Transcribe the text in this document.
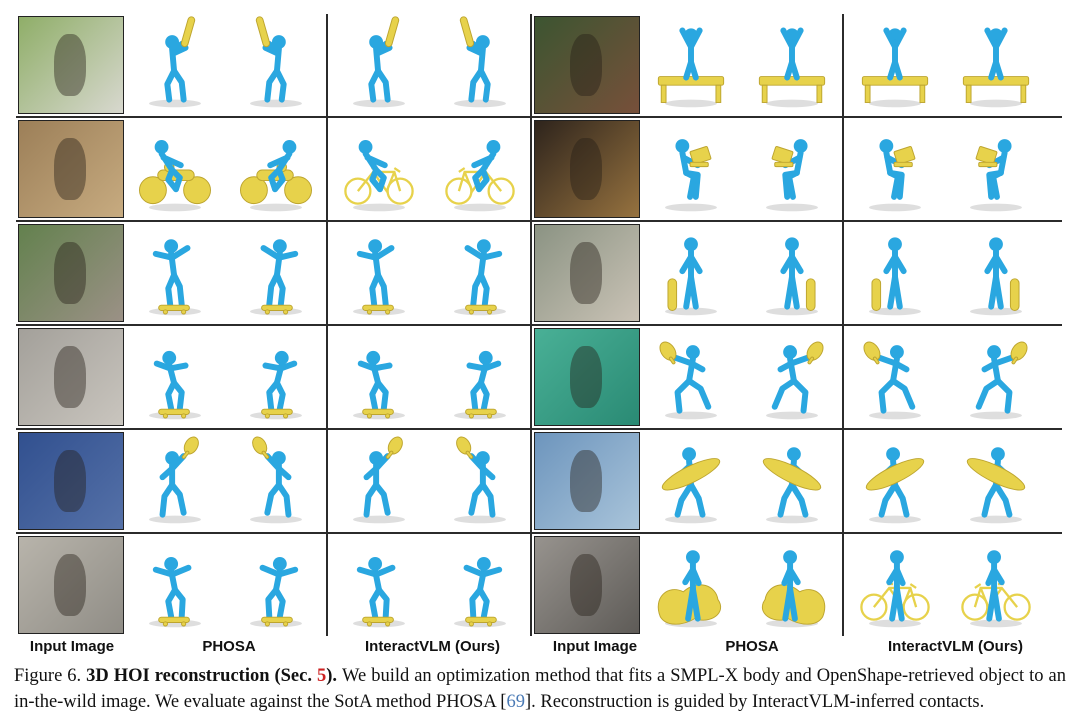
Input Image	PHOSA	InteractVLM (Ours)	Input Image	PHOSA	InteractVLM (Ours)

Figure 6. 3D HOI reconstruction (Sec. 5). We build an optimization method that fits a SMPL-X body and OpenShape-retrieved object to an in-the-wild image. We evaluate against the SotA method PHOSA [69]. Reconstruction is guided by InteractVLM-inferred contacts.
